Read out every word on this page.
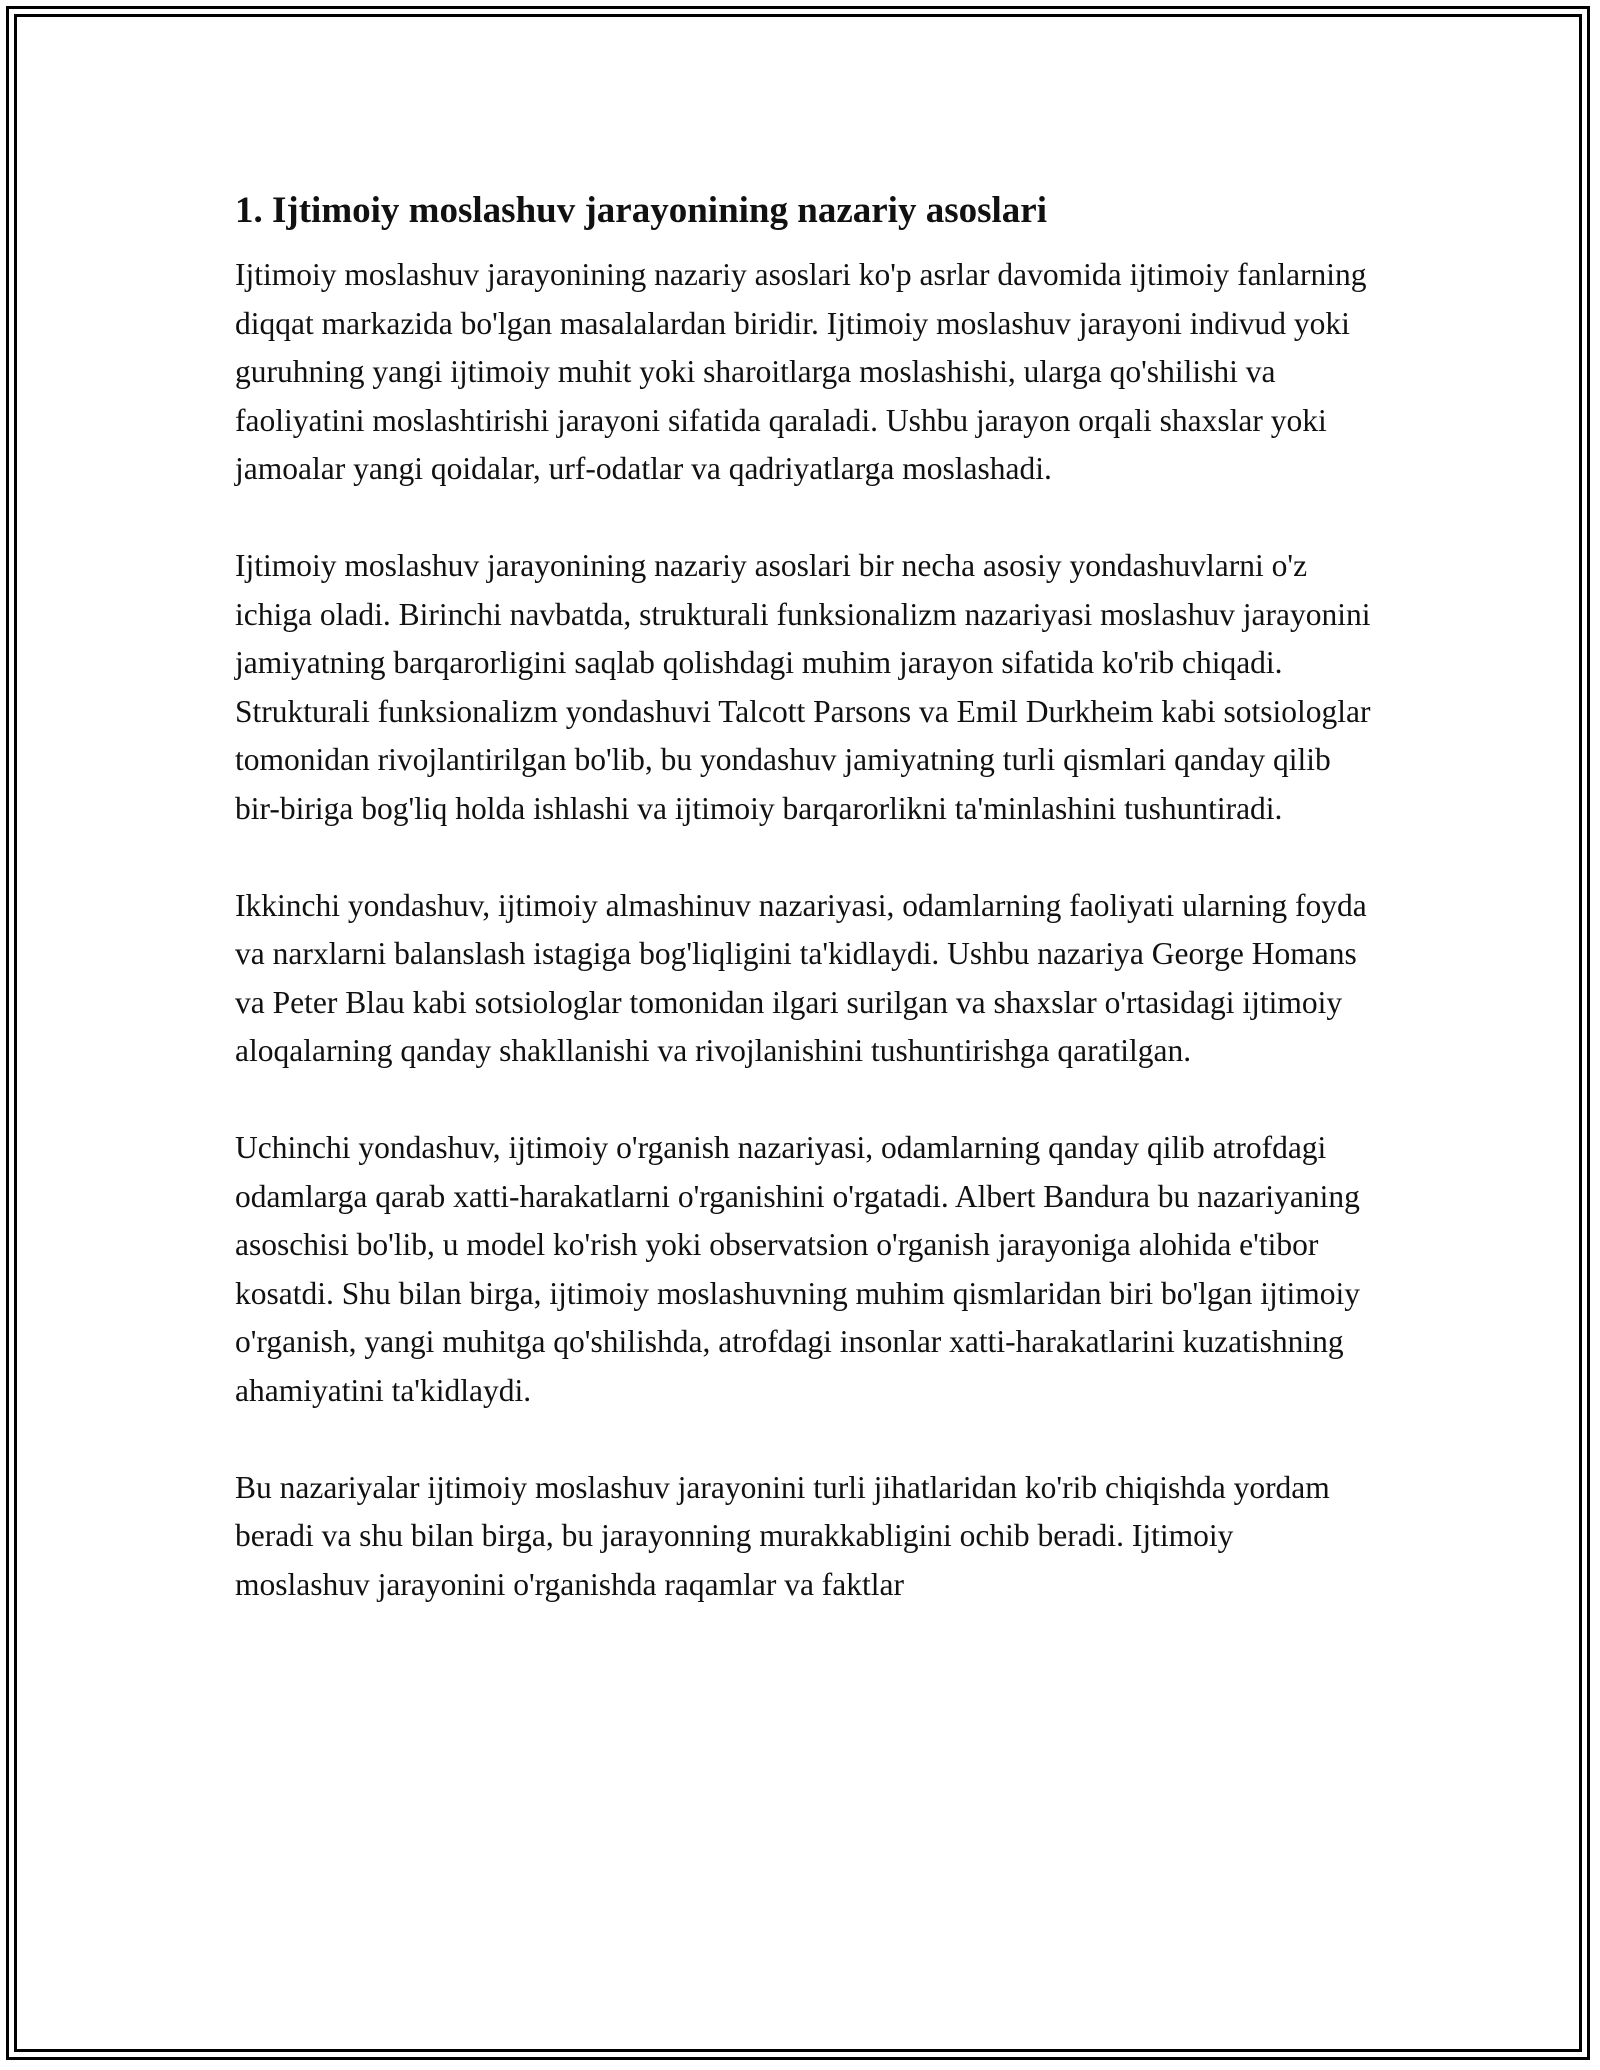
1. Ijtimoiy moslashuv jarayonining nazariy asoslari

Ijtimoiy moslashuv jarayonining nazariy asoslari ko'p asrlar davomida ijtimoiy fanlarning diqqat markazida bo'lgan masalalardan biridir. Ijtimoiy moslashuv jarayoni indivud yoki guruhning yangi ijtimoiy muhit yoki sharoitlarga moslashishi, ularga qo'shilishi va faoliyatini moslashtirishi jarayoni sifatida qaraladi. Ushbu jarayon orqali shaxslar yoki jamoalar yangi qoidalar, urf-odatlar va qadriyatlarga moslashadi.

Ijtimoiy moslashuv jarayonining nazariy asoslari bir necha asosiy yondashuvlarni o'z ichiga oladi. Birinchi navbatda, strukturali funksionalizm nazariyasi moslashuv jarayonini jamiyatning barqarorligini saqlab qolishdagi muhim jarayon sifatida ko'rib chiqadi. Strukturali funksionalizm yondashuvi Talcott Parsons va Emil Durkheim kabi sotsiologlar tomonidan rivojlantirilgan bo'lib, bu yondashuv jamiyatning turli qismlari qanday qilib bir-biriga bog'liq holda ishlashi va ijtimoiy barqarorlikni ta'minlashini tushuntiradi.

Ikkinchi yondashuv, ijtimoiy almashinuv nazariyasi, odamlarning faoliyati ularning foyda va narxlarni balanslash istagiga bog'liqligini ta'kidlaydi. Ushbu nazariya George Homans va Peter Blau kabi sotsiologlar tomonidan ilgari surilgan va shaxslar o'rtasidagi ijtimoiy aloqalarning qanday shakllanishi va rivojlanishini tushuntirishga qaratilgan.

Uchinchi yondashuv, ijtimoiy o'rganish nazariyasi, odamlarning qanday qilib atrofdagi odamlarga qarab xatti-harakatlarni o'rganishini o'rgatadi. Albert Bandura bu nazariyaning asoschisi bo'lib, u model ko'rish yoki observatsion o'rganish jarayoniga alohida e'tibor kosatdi. Shu bilan birga, ijtimoiy moslashuvning muhim qismlaridan biri bo'lgan ijtimoiy o'rganish, yangi muhitga qo'shilishda, atrofdagi insonlar xatti-harakatlarini kuzatishning ahamiyatini ta'kidlaydi.

Bu nazariyalar ijtimoiy moslashuv jarayonini turli jihatlaridan ko'rib chiqishda yordam beradi va shu bilan birga, bu jarayonning murakkabligini ochib beradi. Ijtimoiy moslashuv jarayonini o'rganishda raqamlar va faktlar
